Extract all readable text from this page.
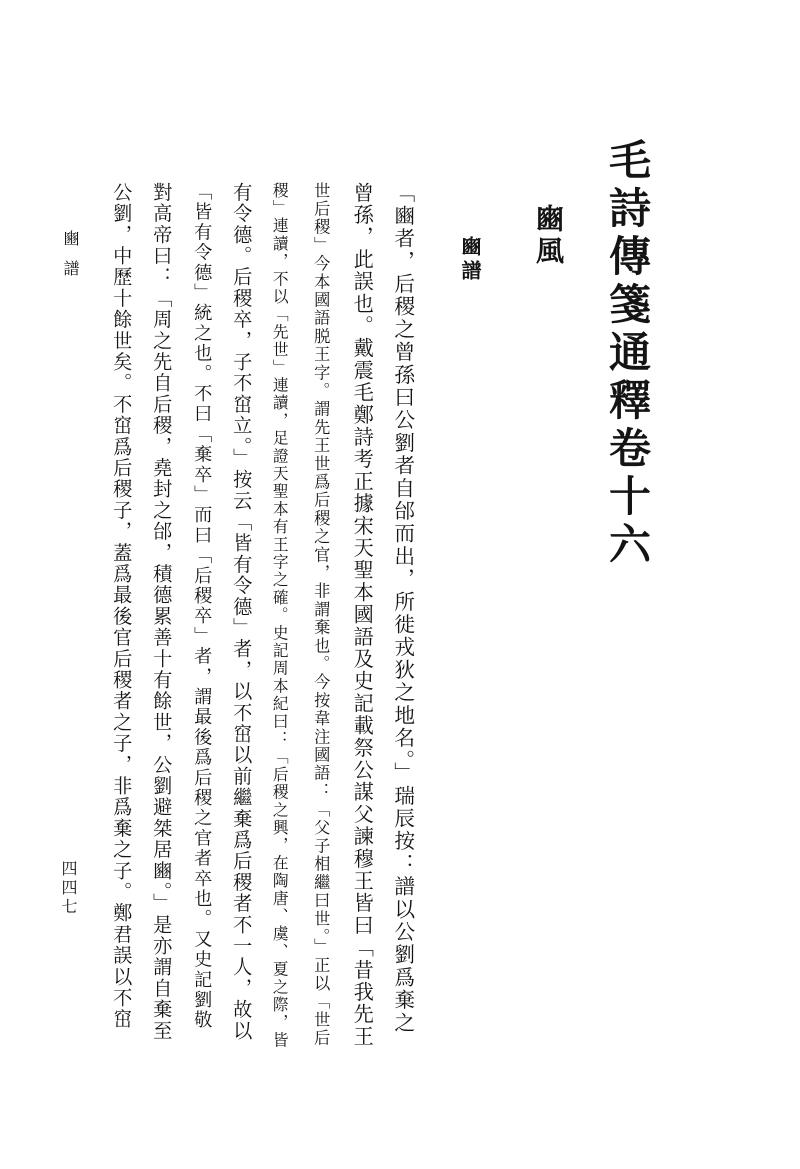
毛詩傳箋通釋卷十六
豳風
豳譜
「豳者，后稷之曾孫曰公劉者自邰而出，所徙戎狄之地名。」瑞辰按：譜以公劉爲棄之
曾孫，此誤也。戴震毛鄭詩考正據宋天聖本國語及史記載祭公謀父諫穆王皆曰「昔我先王
世后稷」今本國語脱王字。謂先王世爲后稷之官，非謂棄也。今按韋注國語：「父子相繼曰世。」正以「世后
稷」連讀，不以「先世」連讀，足證天聖本有王字之確。史記周本紀曰：「后稷之興，在陶唐、虞、夏之際，皆
有令德。后稷卒，子不窋立。」按云「皆有令德」者，以不窋以前繼棄爲后稷者不一人，故以
「皆有令德」統之也。不曰「棄卒」而曰「后稷卒」者，謂最後爲后稷之官者卒也。又史記劉敬
對高帝曰：「周之先自后稷，堯封之邰，積德累善十有餘世，公劉避桀居豳。」是亦謂自棄至
公劉，中歷十餘世矣。不窋爲后稷子，蓋爲最後官后稷者之子，非爲棄之子。鄭君誤以不窋
豳譜
四四七
